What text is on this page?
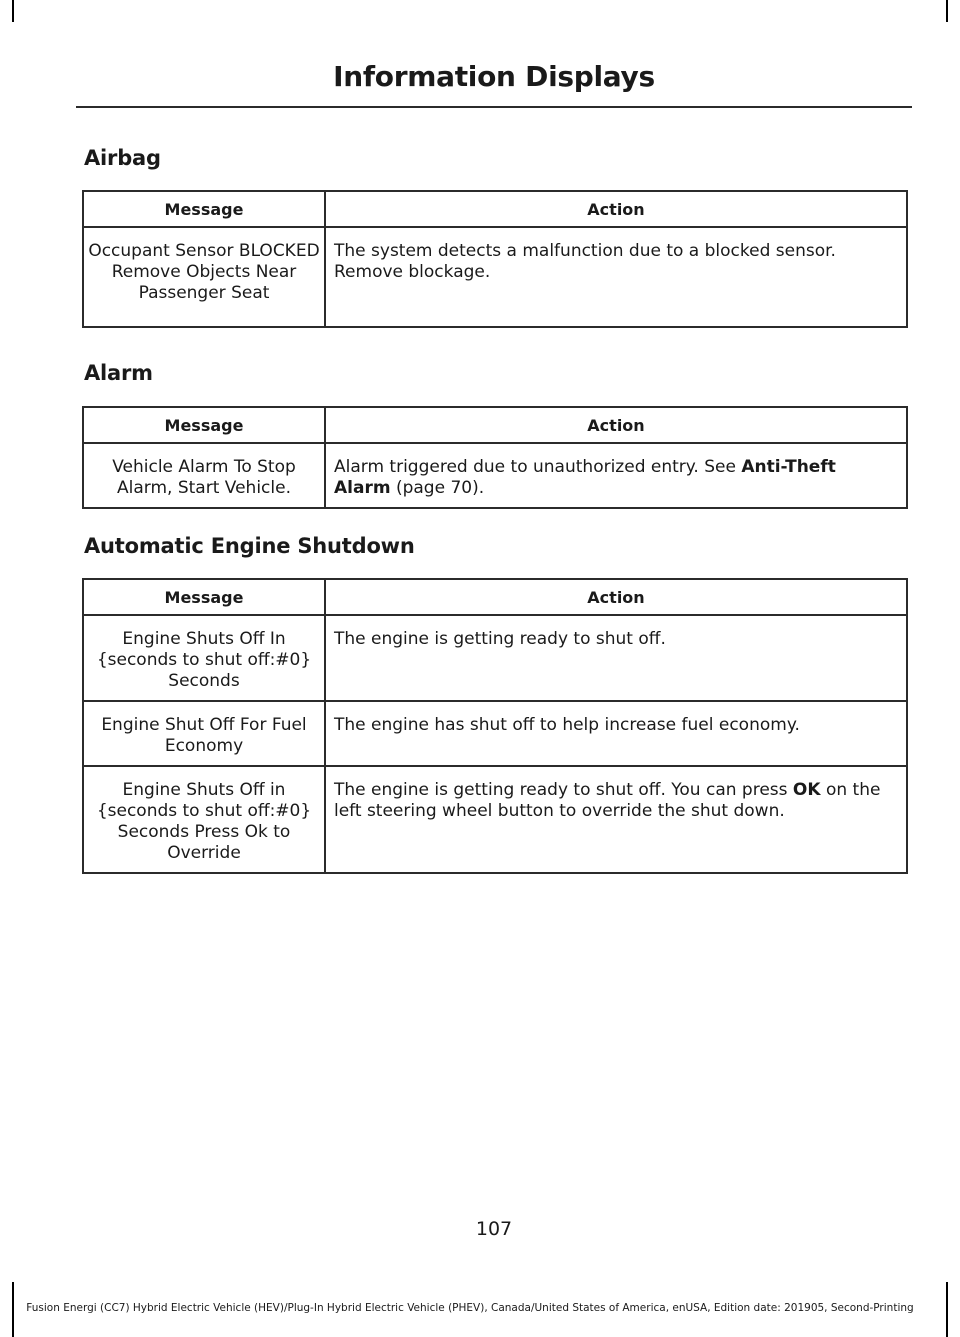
Information Displays
Airbag
Message	Action
Occupant Sensor BLOCKED Remove Objects Near Passenger Seat	The system detects a malfunction due to a blocked sensor. Remove blockage.
Alarm
Message	Action
Vehicle Alarm To Stop Alarm, Start Vehicle.	Alarm triggered due to unauthorized entry. See Anti-Theft Alarm (page 70).
Automatic Engine Shutdown
Message	Action
Engine Shuts Off In {seconds to shut off:#0} Seconds	The engine is getting ready to shut off.
Engine Shut Off For Fuel Economy	The engine has shut off to help increase fuel economy.
Engine Shuts Off in {seconds to shut off:#0} Seconds Press Ok to Override	The engine is getting ready to shut off. You can press OK on the left steering wheel button to override the shut down.
107
Fusion Energi (CC7) Hybrid Electric Vehicle (HEV)/Plug-In Hybrid Electric Vehicle (PHEV), Canada/United States of America, enUSA, Edition date: 201905, Second-Printing
